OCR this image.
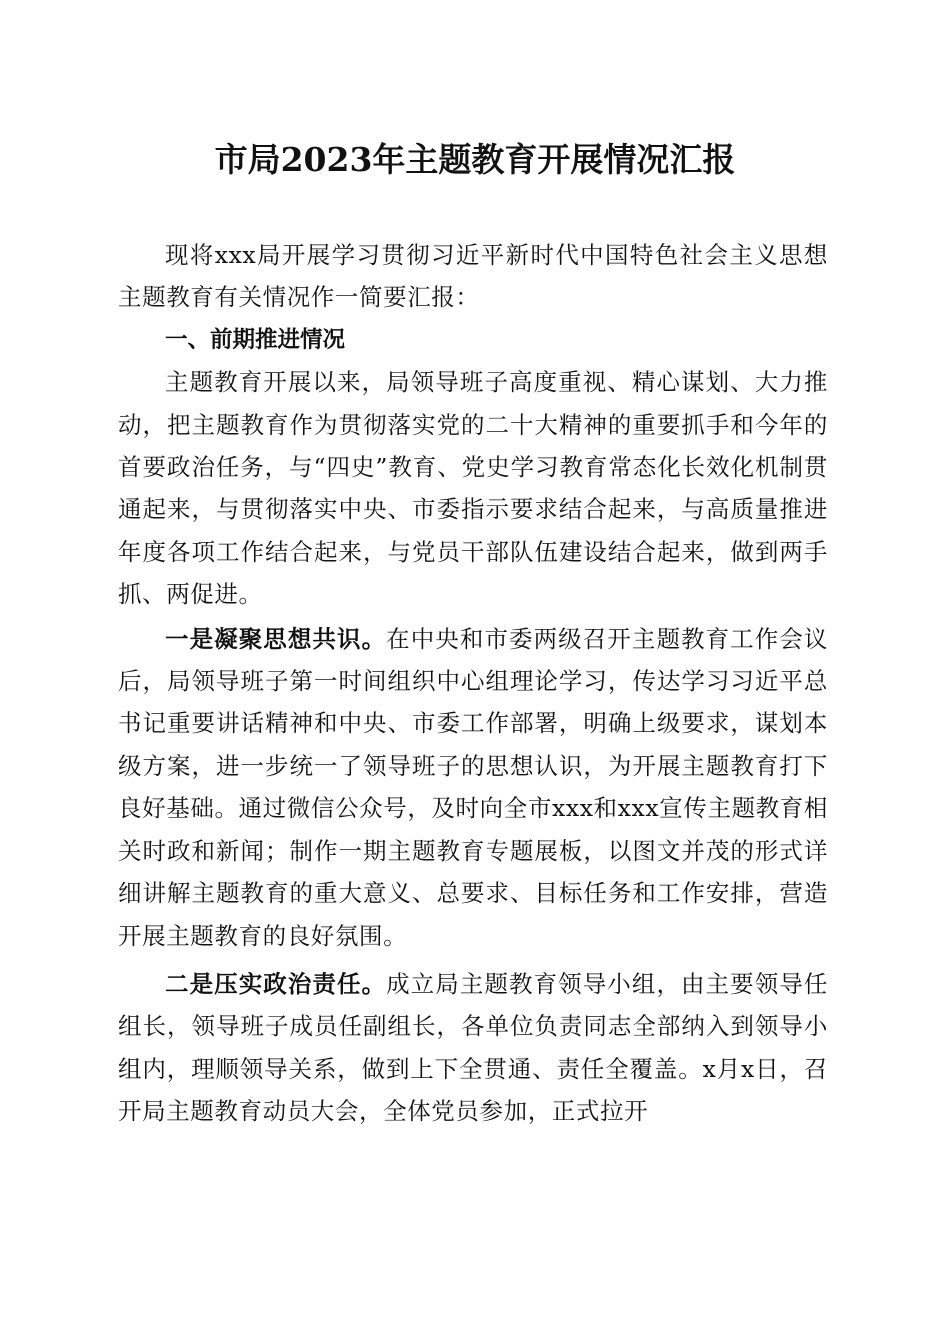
市局2023年主题教育开展情况汇报

现将xxx局开展学习贯彻习近平新时代中国特色社会主义思想主题教育有关情况作一简要汇报：

一、前期推进情况

主题教育开展以来，局领导班子高度重视、精心谋划、大力推动，把主题教育作为贯彻落实党的二十大精神的重要抓手和今年的首要政治任务，与“四史”教育、党史学习教育常态化长效化机制贯通起来，与贯彻落实中央、市委指示要求结合起来，与高质量推进年度各项工作结合起来，与党员干部队伍建设结合起来，做到两手抓、两促进。

一是凝聚思想共识。在中央和市委两级召开主题教育工作会议后，局领导班子第一时间组织中心组理论学习，传达学习习近平总书记重要讲话精神和中央、市委工作部署，明确上级要求，谋划本级方案，进一步统一了领导班子的思想认识，为开展主题教育打下良好基础。通过微信公众号，及时向全市xxx和xxx宣传主题教育相关时政和新闻；制作一期主题教育专题展板，以图文并茂的形式详细讲解主题教育的重大意义、总要求、目标任务和工作安排，营造开展主题教育的良好氛围。

二是压实政治责任。成立局主题教育领导小组，由主要领导任组长，领导班子成员任副组长，各单位负责同志全部纳入到领导小组内，理顺领导关系，做到上下全贯通、责任全覆盖。x月x日，召开局主题教育动员大会，全体党员参加，正式拉开
